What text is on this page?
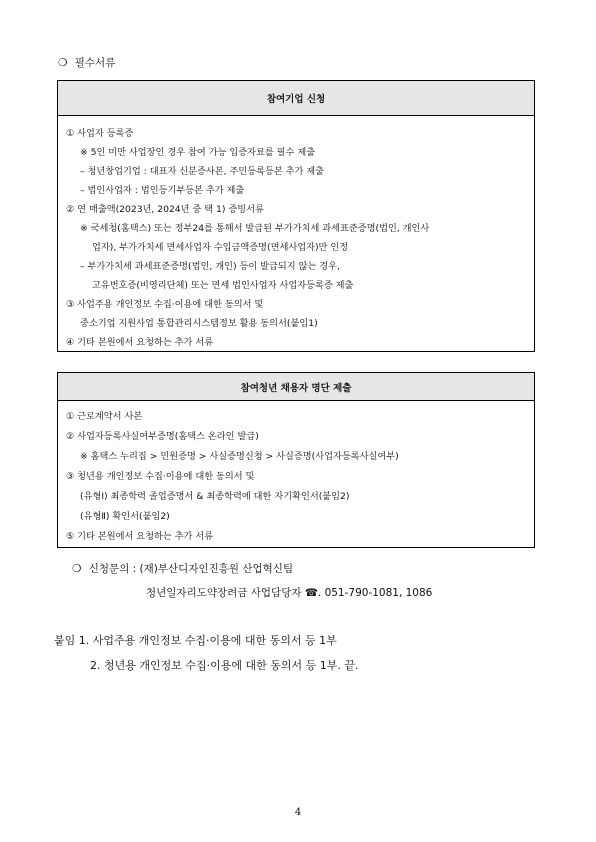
❍ 필수서류
참여기업 신청
① 사업자 등록증
※ 5인 미만 사업장인 경우 참여 가능 입증자료를 필수 제출
– 청년창업기업 : 대표자 신분증사본, 주민등록등본 추가 제출
– 법인사업자 : 법인등기부등본 추가 제출
② 연 매출액(2023년, 2024년 중 택 1) 증빙서류
※ 국세청(홈택스) 또는 정부24를 통해서 발급된 부가가치세 과세표준증명(법인, 개인사
업자), 부가가치세 면세사업자 수입금액증명(면세사업자)만 인정
– 부가가치세 과세표준증명(법인, 개인) 등이 발급되지 않는 경우,
고유번호증(비영리단체) 또는 면세 법인사업자 사업자등록증 제출
③ 사업주용 개인정보 수집·이용에 대한 동의서 및
중소기업 지원사업 통합관리시스템정보 활용 동의서(붙임1)
④ 기타 본원에서 요청하는 추가 서류
참여청년 채용자 명단 제출
① 근로계약서 사본
② 사업자등록사실여부증명(홈택스 온라인 발급)
※ 홈택스 누리집 > 민원증명 > 사실증명신청 > 사실증명(사업자등록사실여부)
③ 청년용 개인정보 수집·이용에 대한 동의서 및
(유형Ⅰ) 최종학력 졸업증명서 & 최종학력에 대한 자기확인서(붙임2)
(유형Ⅱ) 확인서(붙임2)
⑤ 기타 본원에서 요청하는 추가 서류
❍ 신청문의 : (재)부산디자인진흥원 산업혁신팀
청년일자리도약장려금 사업담당자 ☎. 051-790-1081, 1086
붙임 1. 사업주용 개인정보 수집·이용에 대한 동의서 등 1부
2. 청년용 개인정보 수집·이용에 대한 동의서 등 1부. 끝.
4
